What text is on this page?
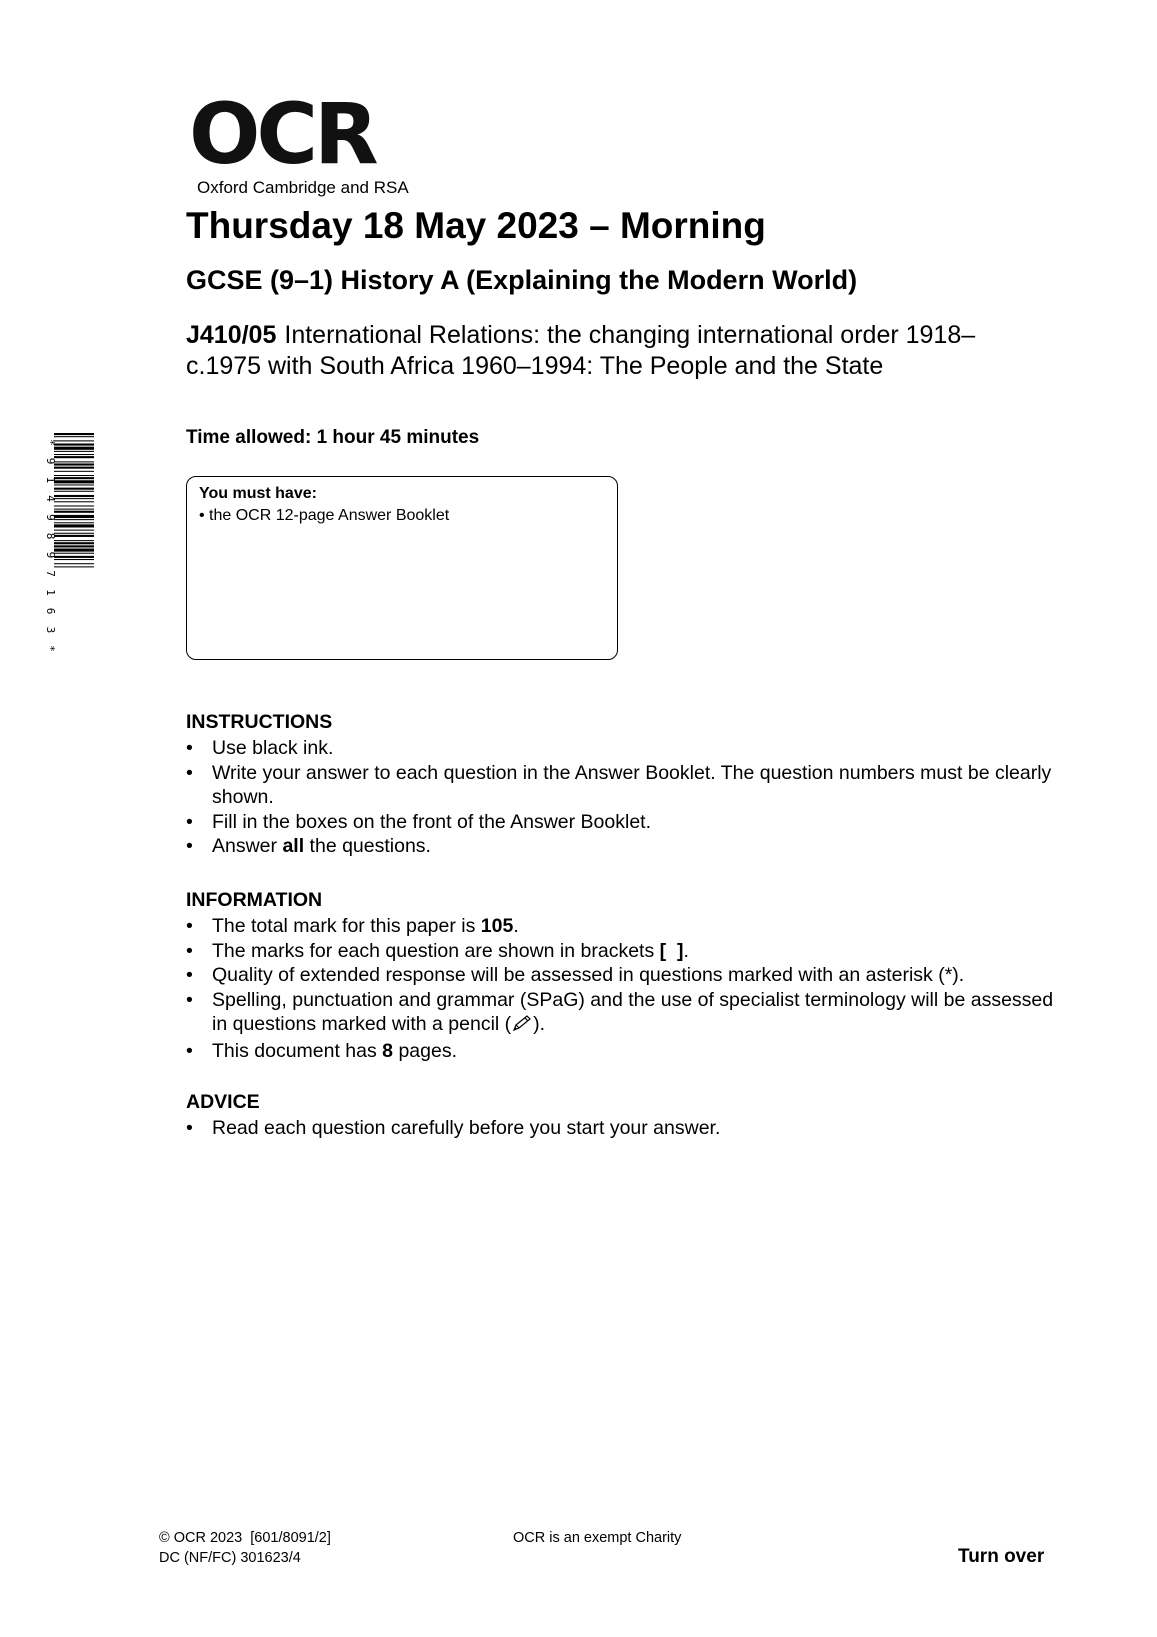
OCR
Oxford Cambridge and RSA
*
9
1
4
9
8
9
7
1
6
3
*
Thursday 18 May 2023 – Morning
GCSE (9–1) History A (Explaining the Modern World)
J410/05 International Relations: the changing international order 1918–c.1975 with South Africa 1960–1994: The People and the State
Time allowed: 1 hour 45 minutes
You must have:
• the OCR 12-page Answer Booklet
INSTRUCTIONS
• Use black ink.
• Write your answer to each question in the Answer Booklet. The question numbers must be clearly shown.
• Fill in the boxes on the front of the Answer Booklet.
• Answer all the questions.
INFORMATION
• The total mark for this paper is 105.
• The marks for each question are shown in brackets [  ].
• Quality of extended response will be assessed in questions marked with an asterisk (*).
• Spelling, punctuation and grammar (SPaG) and the use of specialist terminology will be assessed in questions marked with a pencil ( ).
• This document has 8 pages.
ADVICE
• Read each question carefully before you start your answer.
© OCR 2023  [601/8091/2]
DC (NF/FC) 301623/4
OCR is an exempt Charity
Turn over
